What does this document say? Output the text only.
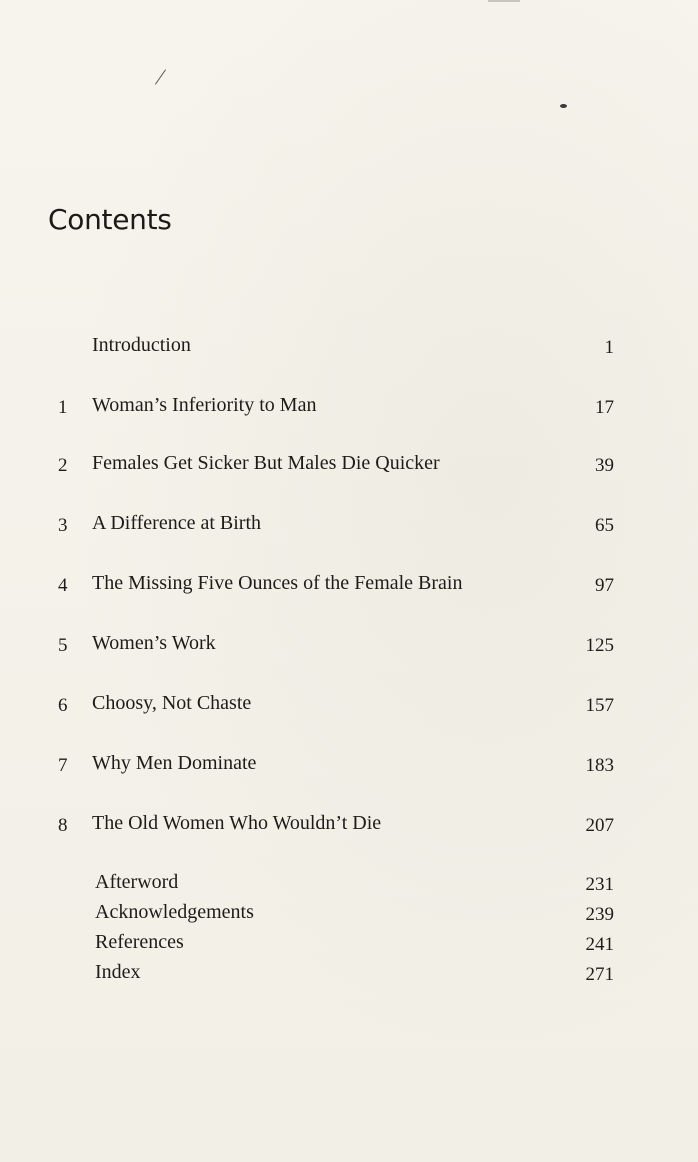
Contents
Introduction	1
1	Woman’s Inferiority to Man	17
2	Females Get Sicker But Males Die Quicker	39
3	A Difference at Birth	65
4	The Missing Five Ounces of the Female Brain	97
5	Women’s Work	125
6	Choosy, Not Chaste	157
7	Why Men Dominate	183
8	The Old Women Who Wouldn’t Die	207
Afterword	231
Acknowledgements	239
References	241
Index	271
